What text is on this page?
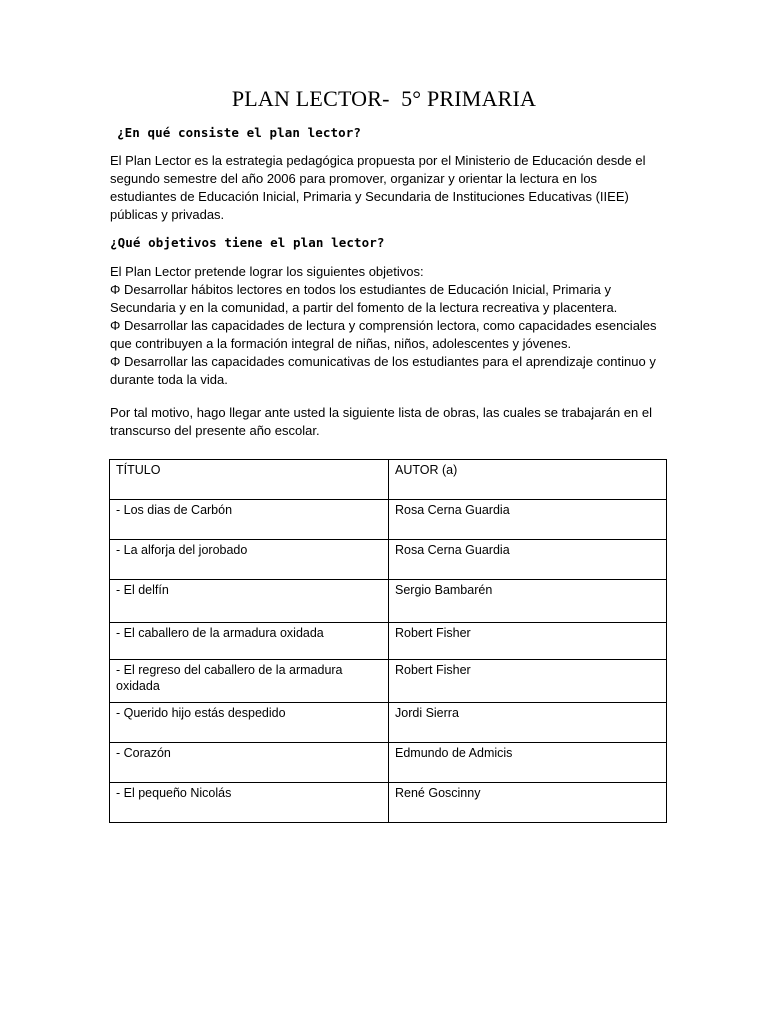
PLAN LECTOR-  5° PRIMARIA
¿En qué consiste el plan lector?
El Plan Lector es la estrategia pedagógica propuesta por el Ministerio de Educación desde el
segundo semestre del año 2006 para promover, organizar y orientar la lectura en los
estudiantes de Educación Inicial, Primaria y Secundaria de Instituciones Educativas (IIEE)
públicas y privadas.
¿Qué objetivos tiene el plan lector?
El Plan Lector pretende lograr los siguientes objetivos:
Φ Desarrollar hábitos lectores en todos los estudiantes de Educación Inicial, Primaria y
Secundaria y en la comunidad, a partir del fomento de la lectura recreativa y placentera.
Φ Desarrollar las capacidades de lectura y comprensión lectora, como capacidades esenciales
que contribuyen a la formación integral de niñas, niños, adolescentes y jóvenes.
Φ Desarrollar las capacidades comunicativas de los estudiantes para el aprendizaje continuo y
durante toda la vida.
Por tal motivo, hago llegar ante usted la siguiente lista de obras, las cuales se trabajarán en el
transcurso del presente año escolar.
TÍTULO	AUTOR (a)
- Los dias de Carbón	Rosa Cerna Guardia
- La alforja del jorobado	Rosa Cerna Guardia
- El delfín	Sergio Bambarén
- El caballero de la armadura oxidada	Robert Fisher
- El regreso del caballero de la armadura
oxidada	Robert Fisher
- Querido hijo estás despedido	Jordi Sierra
- Corazón	Edmundo de Admicis
- El pequeño Nicolás	René Goscinny
